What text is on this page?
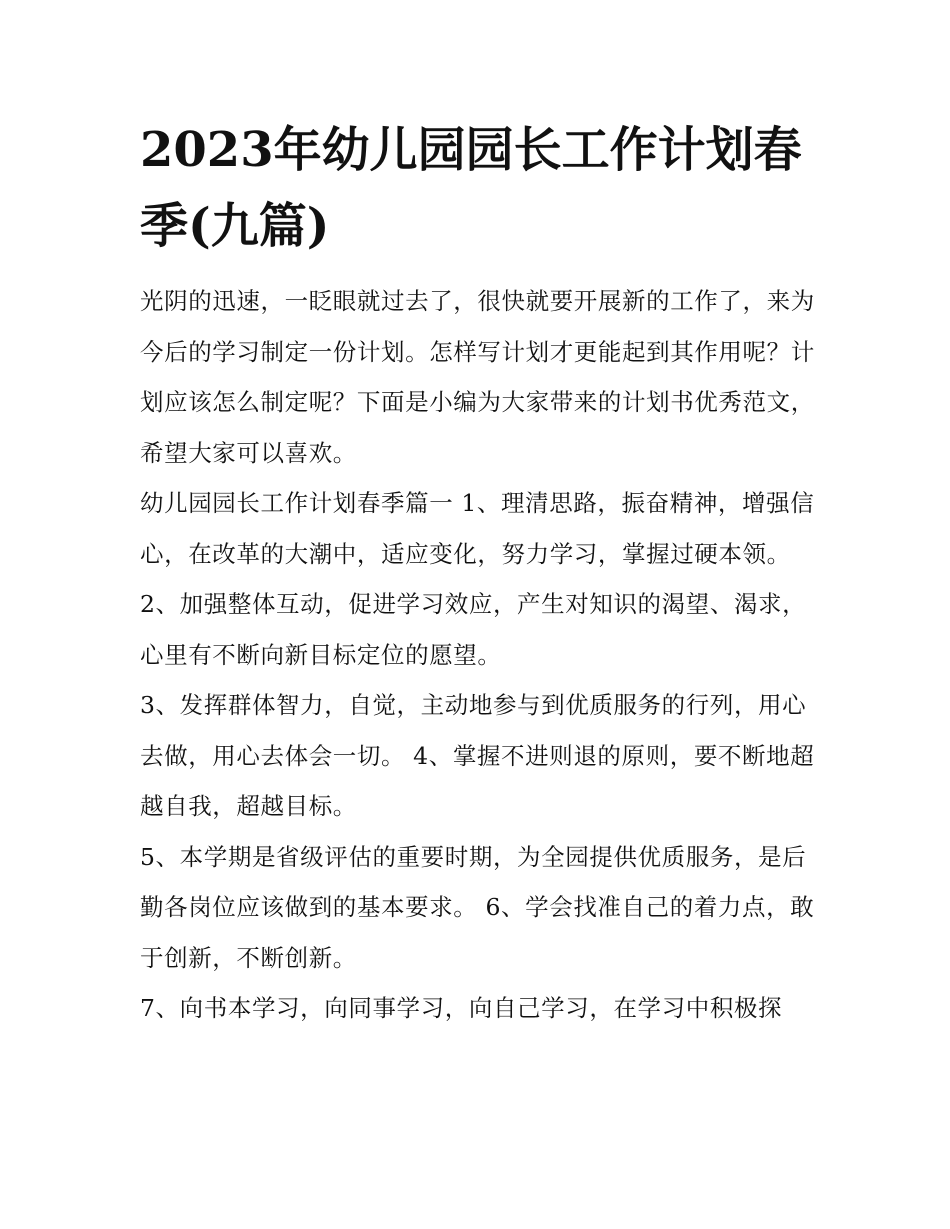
2023年幼儿园园长工作计划春季(九篇)

光阴的迅速，一眨眼就过去了，很快就要开展新的工作了，来为今后的学习制定一份计划。怎样写计划才更能起到其作用呢？计划应该怎么制定呢？下面是小编为大家带来的计划书优秀范文，希望大家可以喜欢。

幼儿园园长工作计划春季篇一 1、理清思路，振奋精神，增强信心，在改革的大潮中，适应变化，努力学习，掌握过硬本领。

2、加强整体互动，促进学习效应，产生对知识的渴望、渴求，心里有不断向新目标定位的愿望。

3、发挥群体智力，自觉，主动地参与到优质服务的行列，用心去做，用心去体会一切。 4、掌握不进则退的原则，要不断地超越自我，超越目标。

5、本学期是省级评估的重要时期，为全园提供优质服务，是后勤各岗位应该做到的基本要求。 6、学会找准自己的着力点，敢于创新，不断创新。

7、向书本学习，向同事学习，向自己学习，在学习中积极探
